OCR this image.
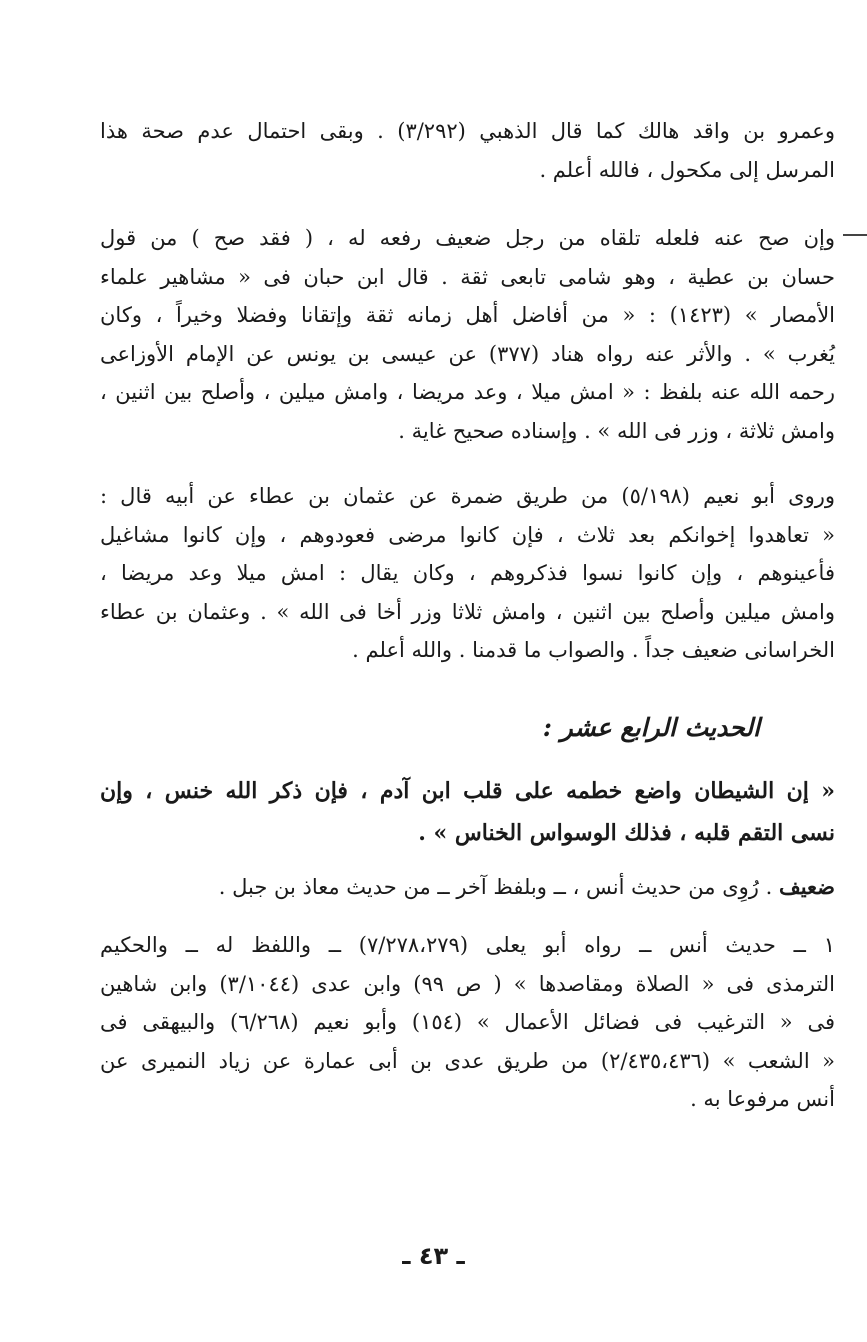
وعمرو بن واقد هالك كما قال الذهبي (٣/٢٩٢) . وبقى احتمال عدم صحة هذا
المرسل إلى مكحول ، فالله أعلم .
وإن صح عنه فلعله تلقاه من رجل ضعيف رفعه له ، ( فقد صح ) من قول
حسان بن عطية ، وهو شامى تابعى ثقة . قال ابن حبان فى « مشاهير علماء
الأمصار » (١٤٢٣) : « من أفاضل أهل زمانه ثقة وإتقانا وفضلا وخيراً ، وكان
يُغرب » . والأثر عنه رواه هناد (٣٧٧) عن عيسى بن يونس عن الإمام الأوزاعى
رحمه الله عنه بلفظ : « امش ميلا ، وعد مريضا ، وامش ميلين ، وأصلح بين اثنين ،
وامش ثلاثة ، وزر فى الله » . وإسناده صحيح غاية .
وروى أبو نعيم (٥/١٩٨) من طريق ضمرة عن عثمان بن عطاء عن أبيه قال :
« تعاهدوا إخوانكم بعد ثلاث ، فإن كانوا مرضى فعودوهم ، وإن كانوا مشاغيل
فأعينوهم ، وإن كانوا نسوا فذكروهم ، وكان يقال : امش ميلا وعد مريضا ،
وامش ميلين وأصلح بين اثنين ، وامش ثلاثا وزر أخا فى الله » . وعثمان بن عطاء
الخراسانى ضعيف جداً . والصواب ما قدمنا . والله أعلم .
الحديث الرابع عشر :
« إن الشيطان واضع خطمه على قلب ابن آدم ، فإن ذكر الله خنس ، وإن
نسى التقم قلبه ، فذلك الوسواس الخناس » .
ضعيف . رُوِى من حديث أنس ، ــ وبلفظ آخر ــ من حديث معاذ بن جبل .
١ ــ حديث أنس ــ رواه أبو يعلى (٧/٢٧٨،٢٧٩) ــ واللفظ له ــ والحكيم
الترمذى فى « الصلاة ومقاصدها » ( ص ٩٩) وابن عدى (٣/١٠٤٤) وابن شاهين
فى « الترغيب فى فضائل الأعمال » (١٥٤) وأبو نعيم (٦/٢٦٨) والبيهقى فى
« الشعب » (٢/٤٣٥،٤٣٦) من طريق عدى بن أبى عمارة عن زياد النميرى عن
أنس مرفوعا به .
ـ ٤٣ ـ
